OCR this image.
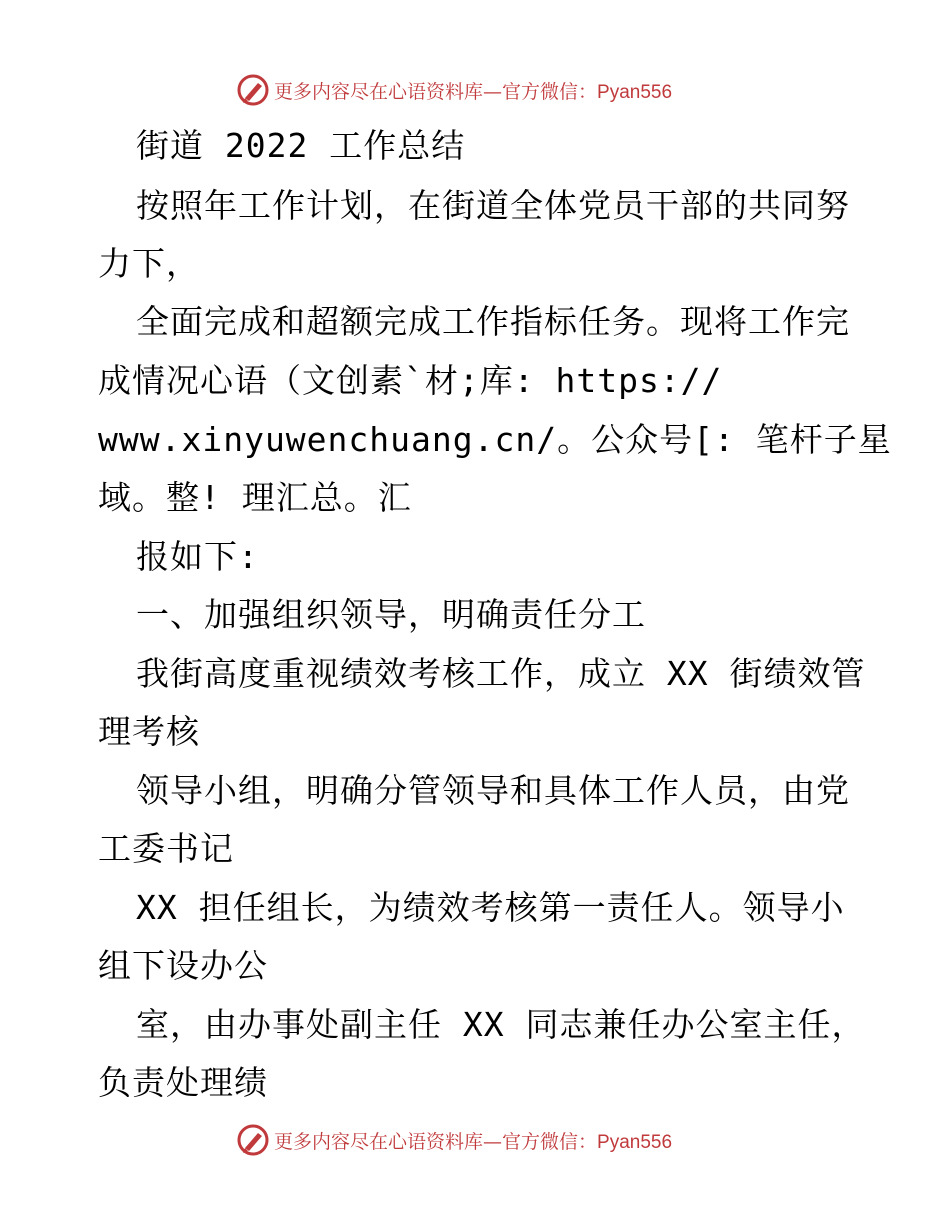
更多内容尽在心语资料库—官方微信：Pyan556
街道 2022 工作总结
按照年工作计划，在街道全体党员干部的共同努
力下，
全面完成和超额完成工作指标任务。现将工作完
成情况心语（文创素`材;库: https://
www.xinyuwenchuang.cn/。公众号[: 笔杆子星
域。整! 理汇总。汇
报如下:
一、加强组织领导，明确责任分工
我街高度重视绩效考核工作，成立 XX 街绩效管
理考核
领导小组，明确分管领导和具体工作人员，由党
工委书记
XX 担任组长，为绩效考核第一责任人。领导小
组下设办公
室，由办事处副主任 XX 同志兼任办公室主任，
负责处理绩
更多内容尽在心语资料库—官方微信：Pyan556
